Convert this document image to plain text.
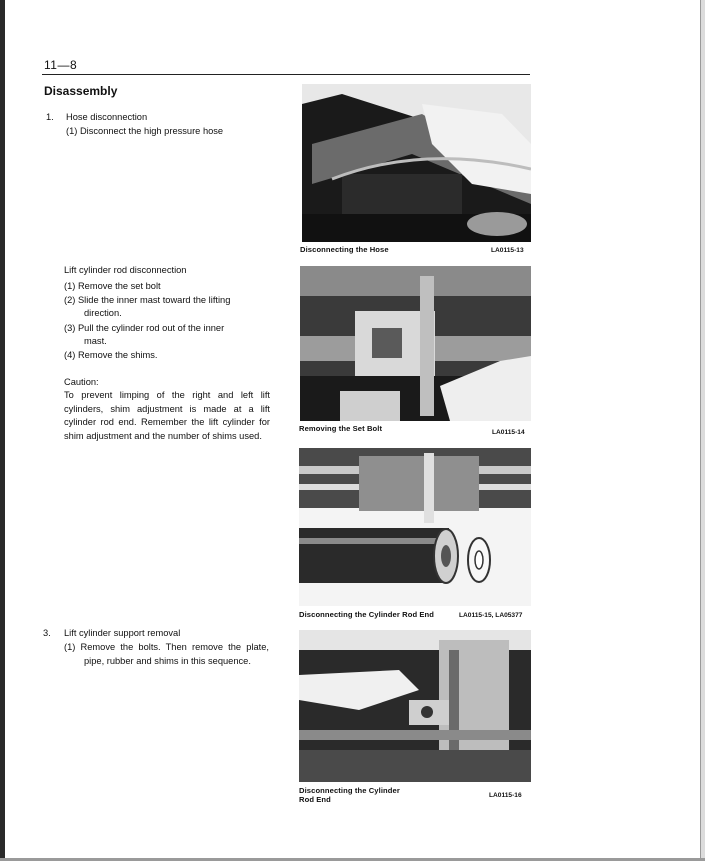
11—8
Disassembly
1. Hose disconnection
(1) Disconnect the high pressure hose
Lift cylinder rod disconnection
(1) Remove the set bolt
(2) Slide the inner mast toward the lifting
direction.
(3) Pull the cylinder rod out of the inner
mast.
(4) Remove the shims.
Caution:
To prevent limping of the right and left lift cylinders, shim adjustment is made at a lift cylinder rod end. Remember the lift cylinder for shim adjustment and the number of shims used.
3. Lift cylinder support removal
(1) Remove the bolts. Then remove the plate, pipe, rubber and shims in this sequence.
Disconnecting the Hose	LA0115-13
Removing the Set Bolt	LA0115-14
Disconnecting the Cylinder Rod End	LA0115-15, LA05377
Disconnecting the Cylinder
Rod End	LA0115-16
